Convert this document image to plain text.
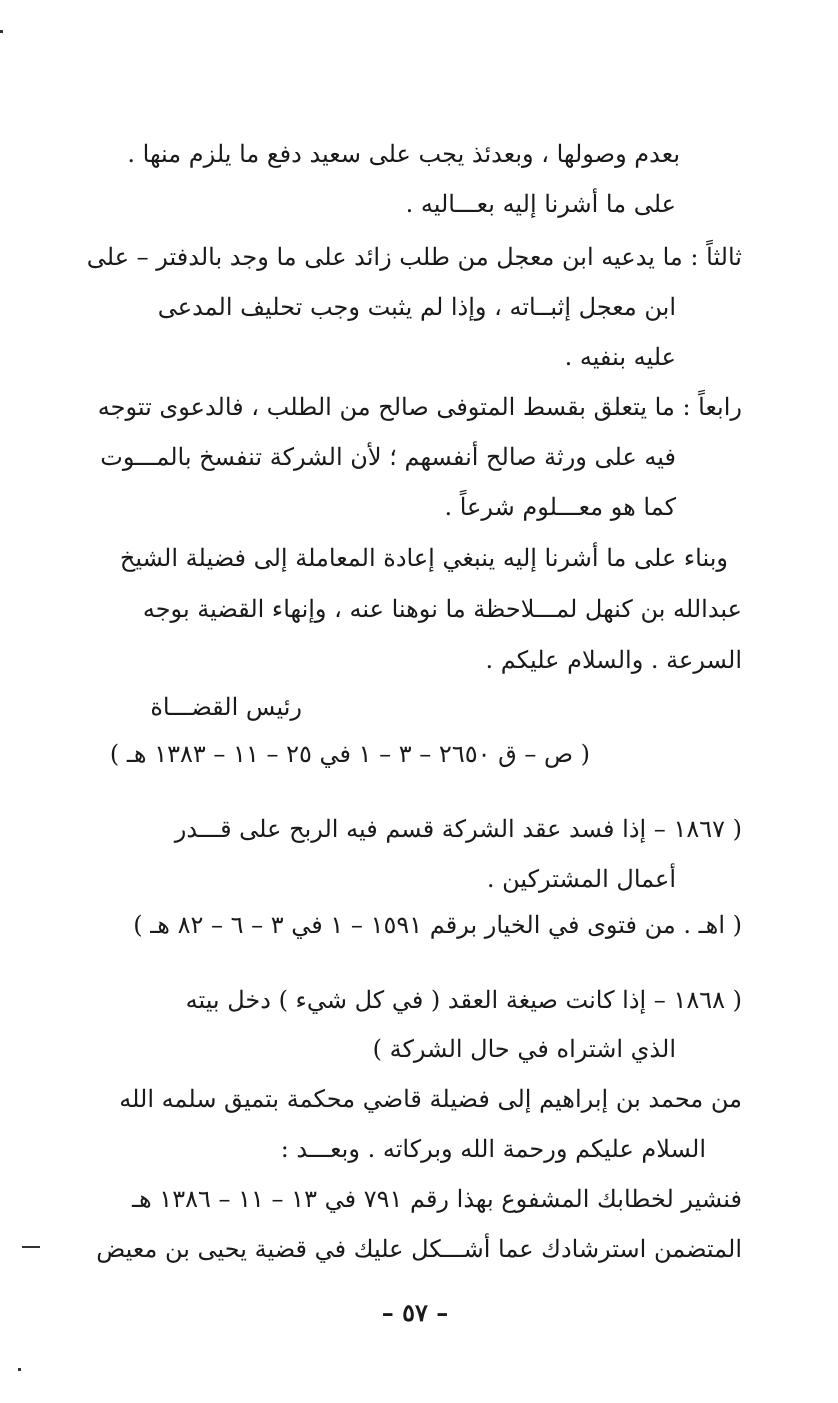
بعدم وصولها ، وبعدئذ يجب على سعيد دفع ما يلزم منها .
على ما أشرنا إليه بعـــاليه .
ثالثاً : ما يدعيه ابن معجل من طلب زائد على ما وجد بالدفتر – على
ابن معجل إثبــاته ، وإذا لم يثبت وجب تحليف المدعى
عليه بنفيه .
رابعاً : ما يتعلق بقسط المتوفى صالح من الطلب ، فالدعوى تتوجه
فيه على ورثة صالح أنفسهم ؛ لأن الشركة تنفسخ بالمـــوت
كما هو معـــلوم شرعاً .
وبناء على ما أشرنا إليه ينبغي إعادة المعاملة إلى فضيلة الشيخ
عبدالله بن كنهل لمـــلاحظة ما نوهنا عنه ، وإنهاء القضية بوجه
السرعة . والسلام عليكم .
رئيس القضـــاة
( ص – ق ٢٦٥٠ – ٣ – ١ في ٢٥ – ١١ – ١٣٨٣ هـ )
( ١٨٦٧ – إذا فسد عقد الشركة قسم فيه الربح على قـــدر
أعمال المشتركين .
( اهـ . من فتوى في الخيار برقم ١٥٩١ – ١ في ٣ – ٦ – ٨٢ هـ )
( ١٨٦٨ – إذا كانت صيغة العقد ( في كل شيء ) دخل بيته
الذي اشتراه في حال الشركة )
من محمد بن إبراهيم إلى فضيلة قاضي محكمة بتميق سلمه الله
السلام عليكم ورحمة الله وبركاته . وبعـــد :
فنشير لخطابك المشفوع بهذا رقم ٧٩١ في ١٣ – ١١ – ١٣٨٦ هـ
المتضمن استرشادك عما أشـــكل عليك في قضية يحيى بن معيض
– ٥٧ –
